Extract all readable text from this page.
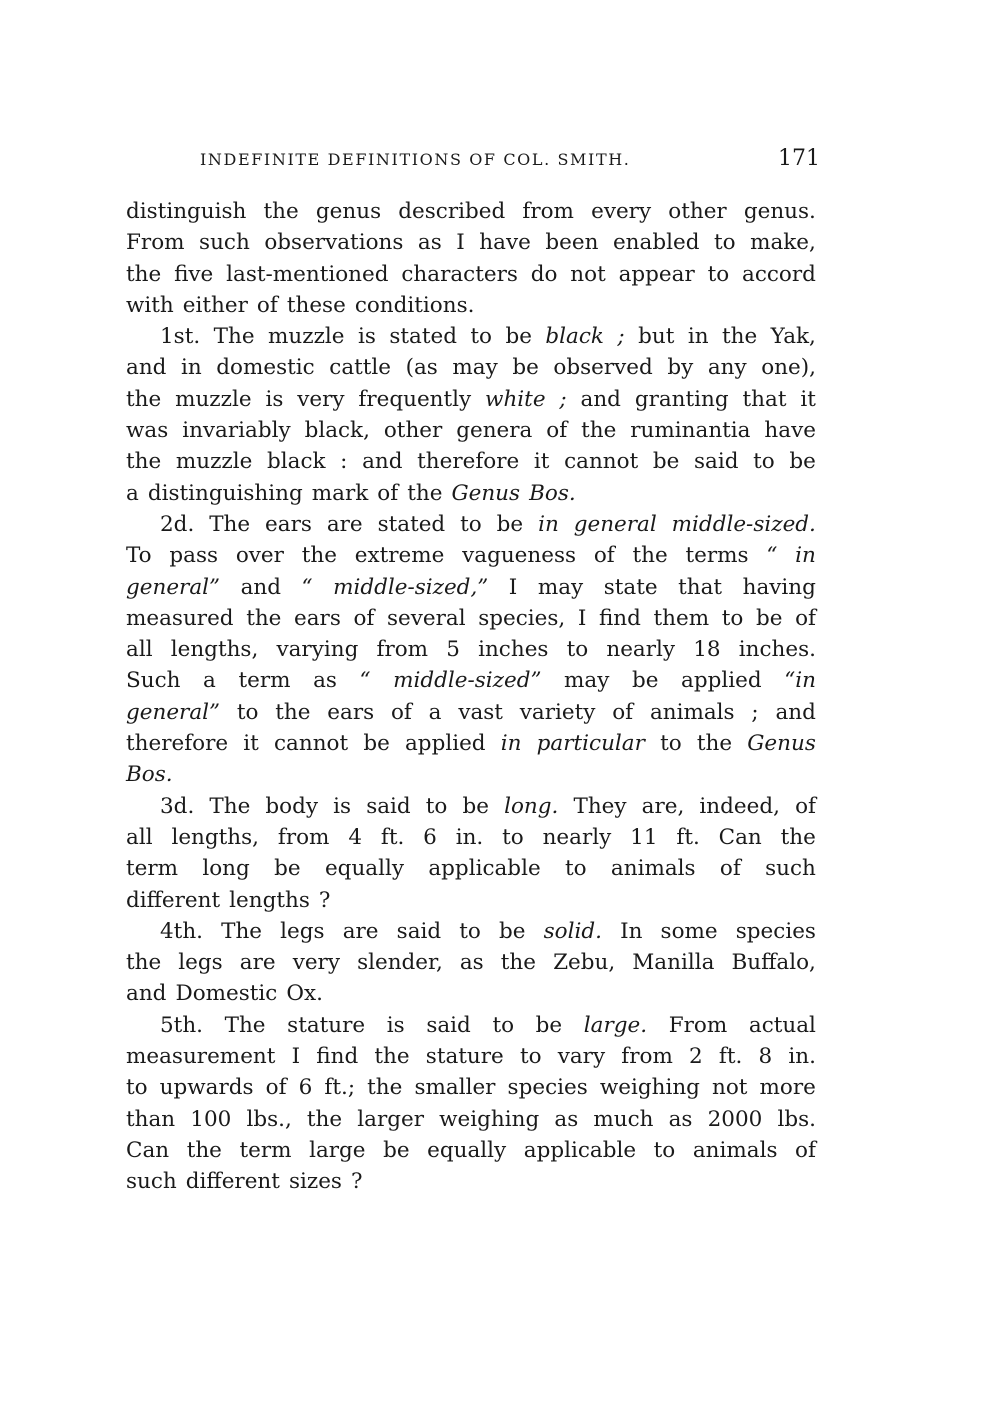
INDEFINITE DEFINITIONS OF COL. SMITH.	171
distinguish the genus described from every other genus.
From such observations as I have been enabled to make,
the five last-mentioned characters do not appear to accord
with either of these conditions.
1st. The muzzle is stated to be black ; but in the Yak,
and in domestic cattle (as may be observed by any one),
the muzzle is very frequently white ; and granting that it
was invariably black, other genera of the ruminantia have
the muzzle black : and therefore it cannot be said to be
a distinguishing mark of the Genus Bos.
2d. The ears are stated to be in general middle-sized.
To pass over the extreme vagueness of the terms “ in
general” and “ middle-sized,” I may state that having
measured the ears of several species, I find them to be of
all lengths, varying from 5 inches to nearly 18 inches.
Such a term as “ middle-sized” may be applied “in
general” to the ears of a vast variety of animals ; and
therefore it cannot be applied in particular to the Genus
Bos.
3d. The body is said to be long. They are, indeed, of
all lengths, from 4 ft. 6 in. to nearly 11 ft. Can the
term long be equally applicable to animals of such
different lengths ?
4th. The legs are said to be solid. In some species
the legs are very slender, as the Zebu, Manilla Buffalo,
and Domestic Ox.
5th. The stature is said to be large. From actual
measurement I find the stature to vary from 2 ft. 8 in.
to upwards of 6 ft.; the smaller species weighing not more
than 100 lbs., the larger weighing as much as 2000 lbs.
Can the term large be equally applicable to animals of
such different sizes ?
